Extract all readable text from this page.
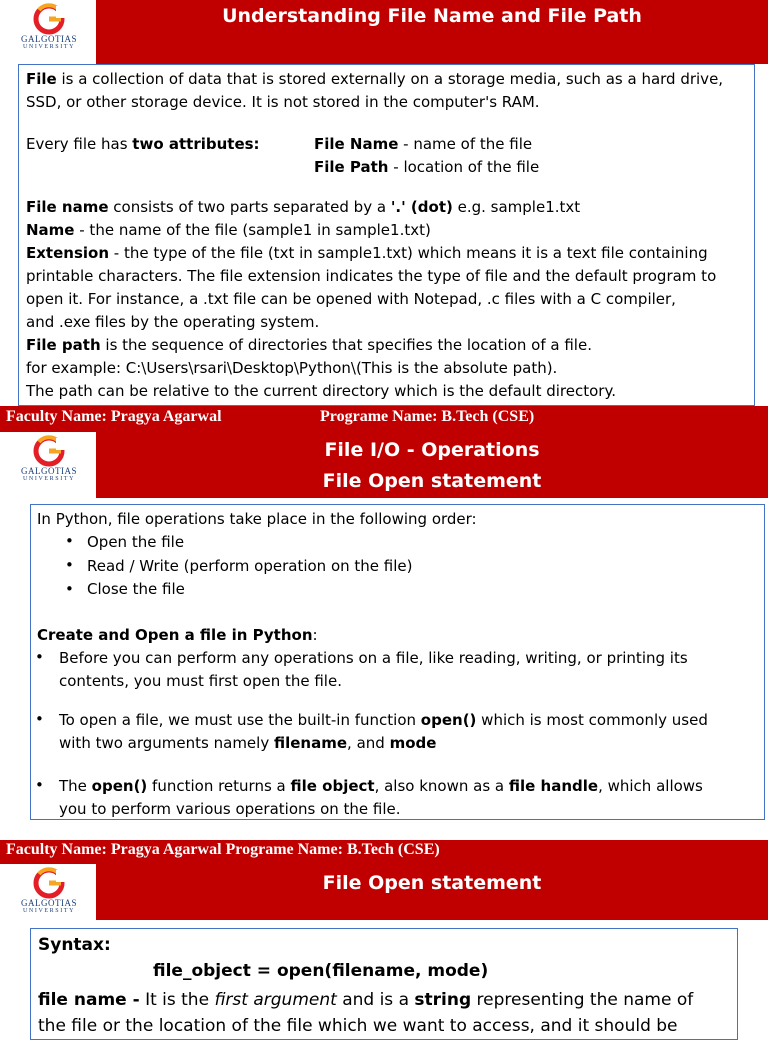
GALGOTIAS
UNIVERSITY
Understanding File Name and File Path
File is a collection of data that is stored externally on a storage media, such as a hard drive,
SSD, or other storage device. It is not stored in the computer's RAM.
Every file has two attributes:	File Name - name of the file
File Path - location of the file
File name consists of two parts separated by a '.' (dot) e.g. sample1.txt
Name - the name of the file (sample1 in sample1.txt)
Extension - the type of the file (txt in sample1.txt) which means it is a text file containing
printable characters. The file extension indicates the type of file and the default program to
open it. For instance, a .txt file can be opened with Notepad, .c files with a C compiler,
and .exe files by the operating system.
File path is the sequence of directories that specifies the location of a file.
for example: C:\Users\rsari\Desktop\Python\(This is the absolute path).
The path can be relative to the current directory which is the default directory.
Faculty Name: Pragya Agarwal	Programe Name: B.Tech (CSE)
GALGOTIAS
UNIVERSITY
File I/O - Operations
File Open statement
In Python, file operations take place in the following order:
• Open the file
• Read / Write (perform operation on the file)
• Close the file
Create and Open a file in Python:
• Before you can perform any operations on a file, like reading, writing, or printing its
contents, you must first open the file.
• To open a file, we must use the built-in function open() which is most commonly used
with two arguments namely filename, and mode
• The open() function returns a file object, also known as a file handle, which allows
you to perform various operations on the file.
Faculty Name: Pragya Agarwal Programe Name: B.Tech (CSE)
GALGOTIAS
UNIVERSITY
File Open statement
Syntax:
file_object = open(filename, mode)
file name - It is the first argument and is a string representing the name of
the file or the location of the file which we want to access, and it should be
